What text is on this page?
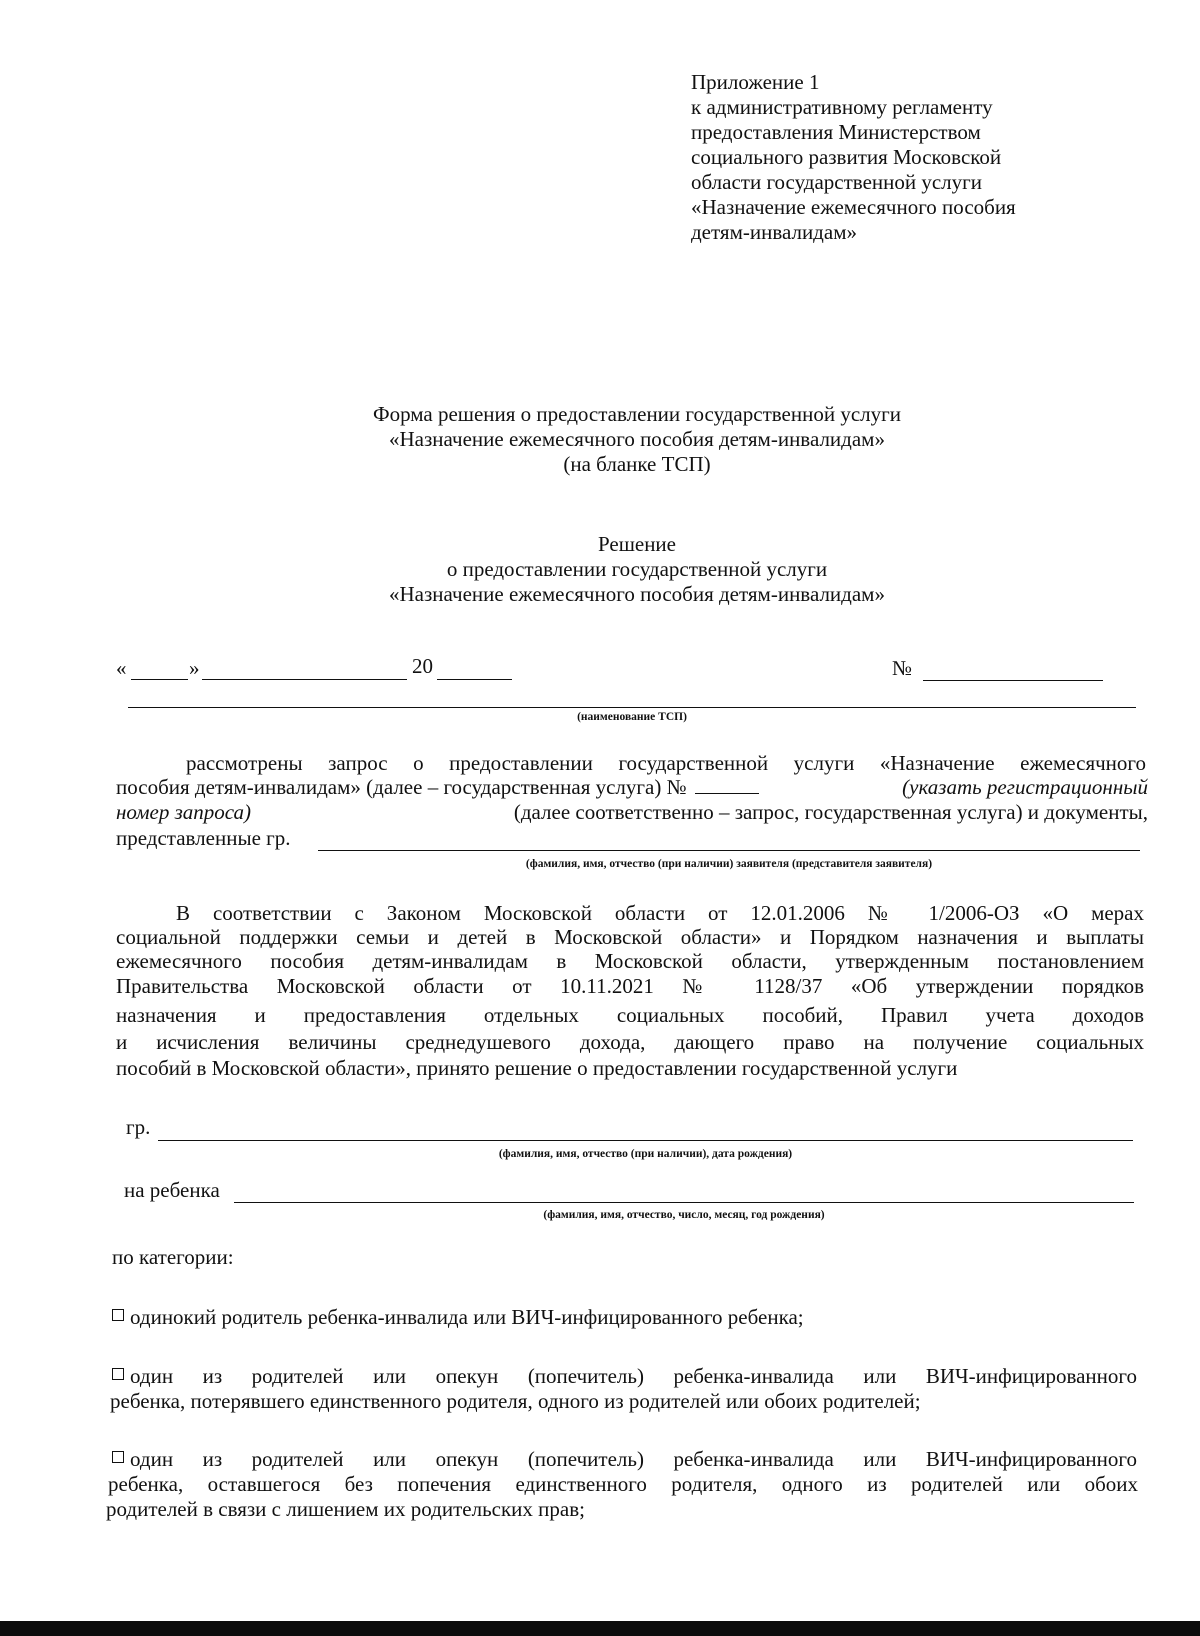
Приложение 1
к административному регламенту
предоставления Министерством
социального развития Московской
области государственной услуги
«Назначение ежемесячного пособия
детям-инвалидам»
Форма решения о предоставлении государственной услуги
«Назначение ежемесячного пособия детям-инвалидам»
(на бланке ТСП)
Решение
о предоставлении государственной услуги
«Назначение ежемесячного пособия детям-инвалидам»
«	»	20	№
(наименование ТСП)
рассмотрены запрос о предоставлении государственной услуги «Назначение ежемесячного
пособия детям-инвалидам» (далее – государственная услуга) №	(указать регистрационный
номер запроса)	(далее соответственно – запрос, государственная услуга) и документы,
представленные гр.
(фамилия, имя, отчество (при наличии) заявителя (представителя заявителя)
В соответствии с Законом Московской области от 12.01.2006 № 1/2006-ОЗ «О мерах
социальной поддержки семьи и детей в Московской области» и Порядком назначения и выплаты
ежемесячного пособия детям-инвалидам в Московской области, утвержденным постановлением
Правительства Московской области от 10.11.2021 № 1128/37 «Об утверждении порядков
назначения и предоставления отдельных социальных пособий, Правил учета доходов
и исчисления величины среднедушевого дохода, дающего право на получение социальных
пособий в Московской области», принято решение о предоставлении государственной услуги
гр.
(фамилия, имя, отчество (при наличии), дата рождения)
на ребенка
(фамилия, имя, отчество, число, месяц, год рождения)
по категории:
одинокий родитель ребенка-инвалида или ВИЧ-инфицированного ребенка;
один из родителей или опекун (попечитель) ребенка-инвалида или ВИЧ-инфицированного
ребенка, потерявшего единственного родителя, одного из родителей или обоих родителей;
один из родителей или опекун (попечитель) ребенка-инвалида или ВИЧ-инфицированного
ребенка, оставшегося без попечения единственного родителя, одного из родителей или обоих
родителей в связи с лишением их родительских прав;
